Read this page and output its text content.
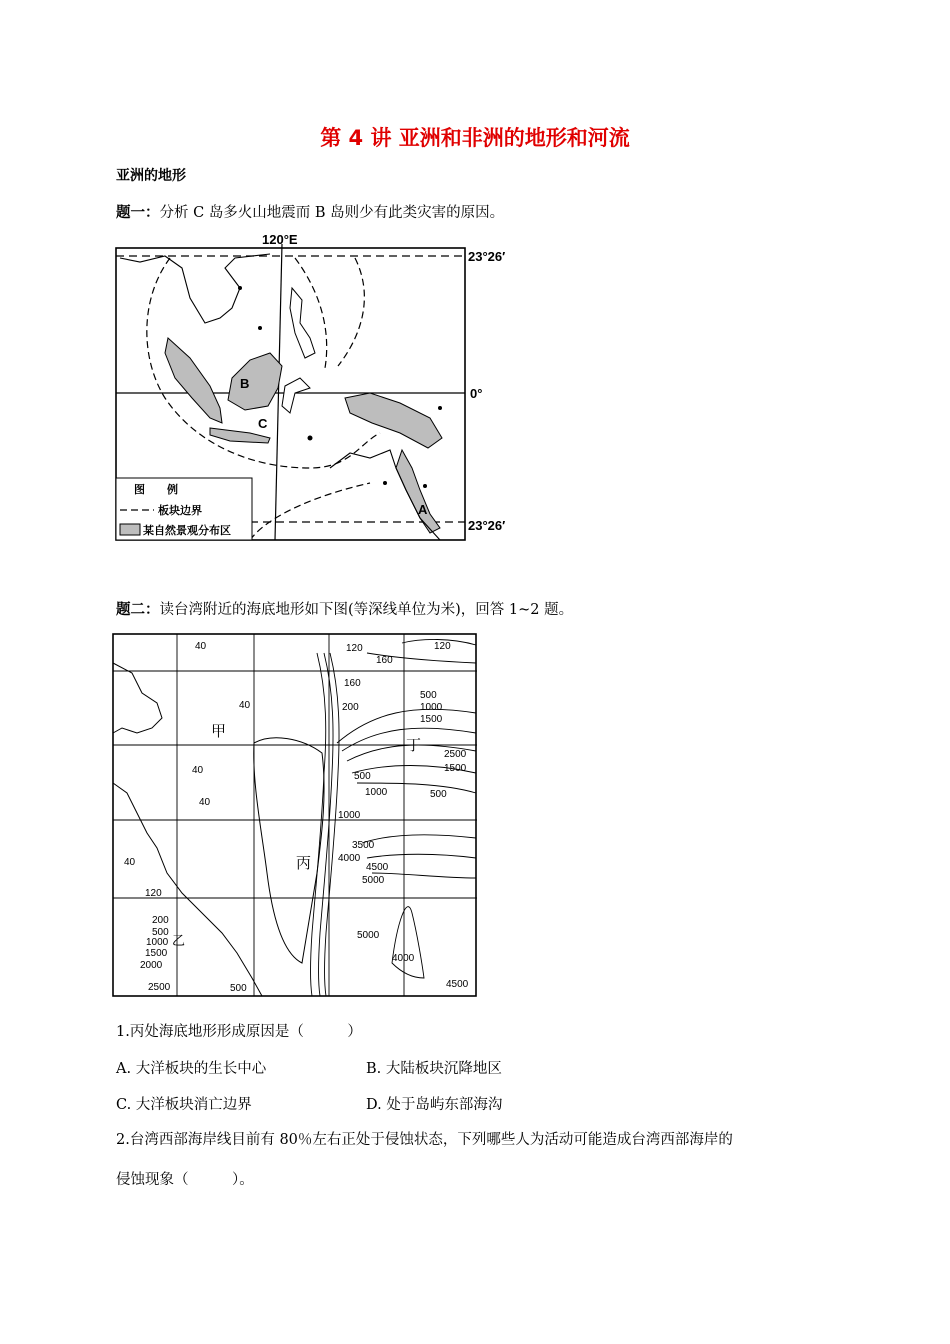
第 4 讲 亚洲和非洲的地形和河流
亚洲的地形
题一：分析 C 岛多火山地震而 B 岛则少有此类灾害的原因。
120°E
23°26′
0°
23°26′
B
C
A
图　　例
板块边界
某自然景观分布区
题二：读台湾附近的海底地形如下图(等深线单位为米)，回答 1~2 题。
40
40
40
40
40
120	120
120
160
160
200
200
500
500
500
500
500
1000
1000
1000
1000
1500
1500
1500
2000
2500
2500
3500
4000
4000
4500
4500
5000
5000
甲
丙
丁
乙
1.丙处海底地形形成原因是（　　　）
A. 大洋板块的生长中心	B. 大陆板块沉降地区
C. 大洋板块消亡边界	D. 处于岛屿东部海沟
2.台湾西部海岸线目前有 80％左右正处于侵蚀状态，下列哪些人为活动可能造成台湾西部海岸的
侵蚀现象（　　　）。
